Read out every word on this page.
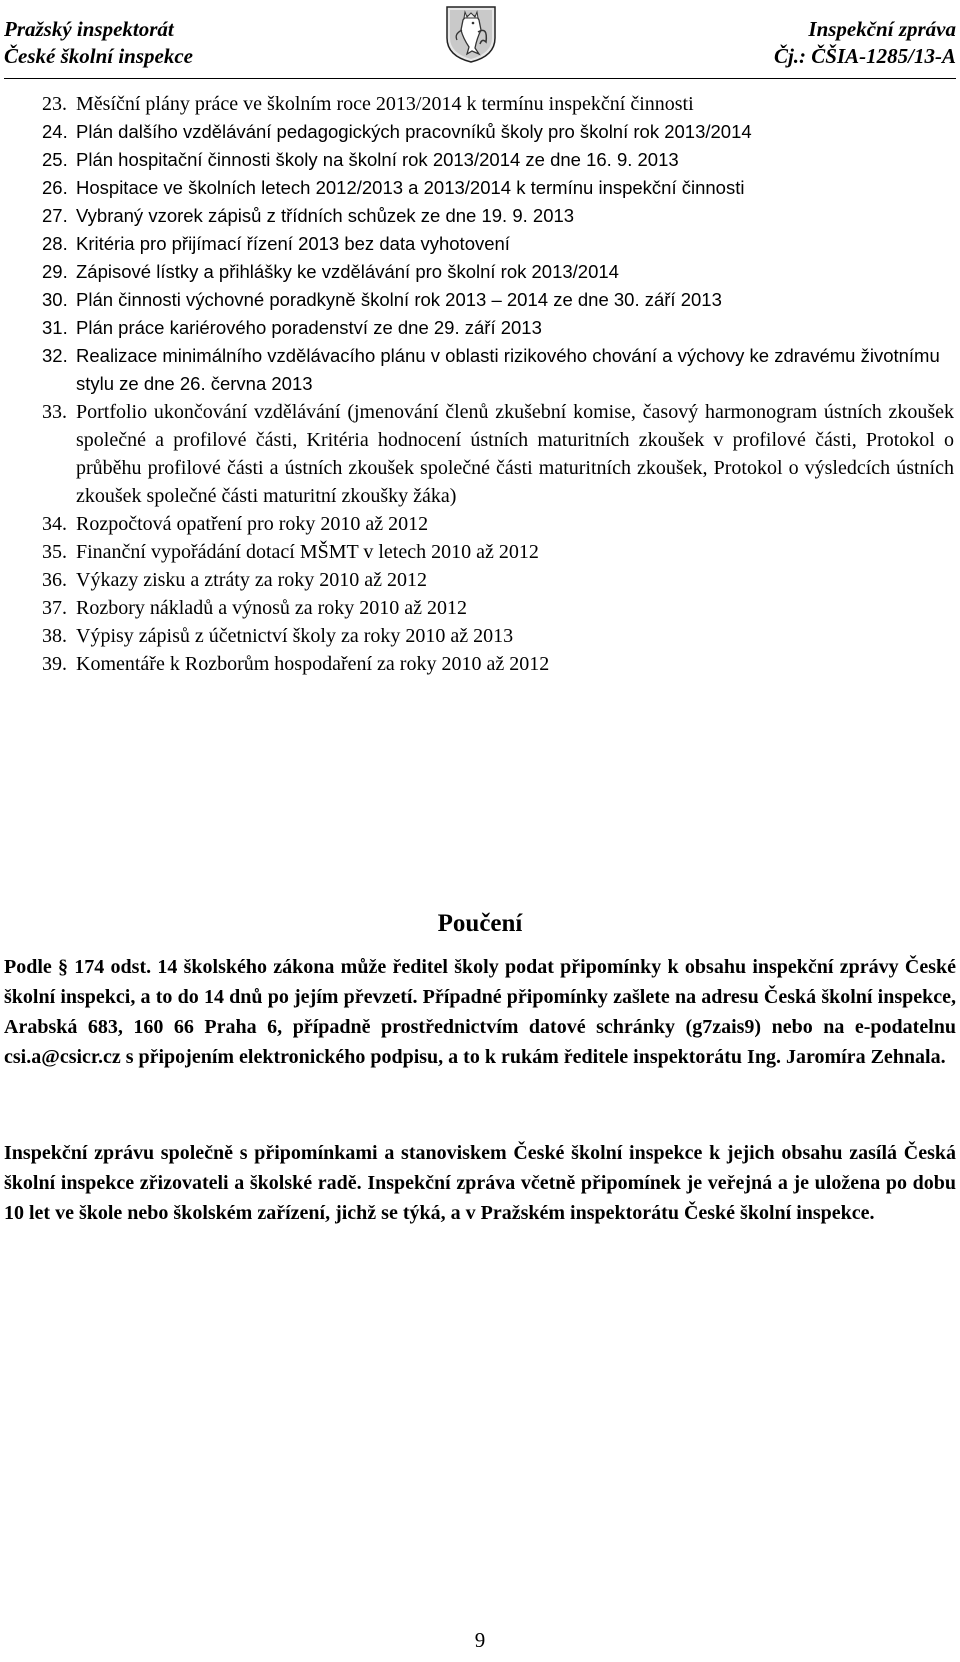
Pražský inspektorát
České školní inspekce
Inspekční zpráva
Čj.: ČŠIA-1285/13-A
23. Měsíční plány práce ve školním roce 2013/2014 k termínu inspekční činnosti
24. Plán dalšího vzdělávání pedagogických pracovníků školy pro školní rok 2013/2014
25. Plán hospitační činnosti školy na školní rok 2013/2014 ze dne 16. 9. 2013
26. Hospitace ve školních letech 2012/2013 a 2013/2014 k termínu inspekční činnosti
27. Vybraný vzorek zápisů z třídních schůzek ze dne 19. 9. 2013
28. Kritéria pro přijímací řízení 2013 bez data vyhotovení
29. Zápisové lístky a přihlášky ke vzdělávání pro školní rok 2013/2014
30. Plán činnosti výchovné poradkyně školní rok 2013 – 2014 ze dne 30. září 2013
31. Plán práce kariérového poradenství ze dne 29. září 2013
32. Realizace minimálního vzdělávacího plánu v oblasti rizikového chování a výchovy ke zdravému životnímu stylu ze dne 26. června 2013
33. Portfolio ukončování vzdělávání (jmenování členů zkušební komise, časový harmonogram ústních zkoušek společné a profilové části, Kritéria hodnocení ústních maturitních zkoušek v profilové části, Protokol o průběhu profilové části a ústních zkoušek společné části maturitních zkoušek, Protokol o výsledcích ústních zkoušek společné části maturitní zkoušky žáka)
34. Rozpočtová opatření pro roky 2010 až 2012
35. Finanční vypořádání dotací MŠMT v letech 2010 až 2012
36. Výkazy zisku a ztráty za roky 2010 až 2012
37. Rozbory nákladů a výnosů za roky 2010 až 2012
38. Výpisy zápisů z účetnictví školy za roky 2010 až 2013
39. Komentáře k Rozborům hospodaření za roky 2010 až 2012
Poučení

Podle § 174 odst. 14 školského zákona může ředitel školy podat připomínky k obsahu inspekční zprávy České školní inspekci, a to do 14 dnů po jejím převzetí. Případné připomínky zašlete na adresu Česká školní inspekce, Arabská 683, 160 66 Praha 6, případně prostřednictvím datové schránky (g7zais9) nebo na e-podatelnu csi.a@csicr.cz s připojením elektronického podpisu, a to k rukám ředitele inspektorátu Ing. Jaromíra Zehnala.

Inspekční zprávu společně s připomínkami a stanoviskem České školní inspekce k jejich obsahu zasílá Česká školní inspekce zřizovateli a školské radě. Inspekční zpráva včetně připomínek je veřejná a je uložena po dobu 10 let ve škole nebo školském zařízení, jichž se týká, a v Pražském inspektorátu České školní inspekce.

9
